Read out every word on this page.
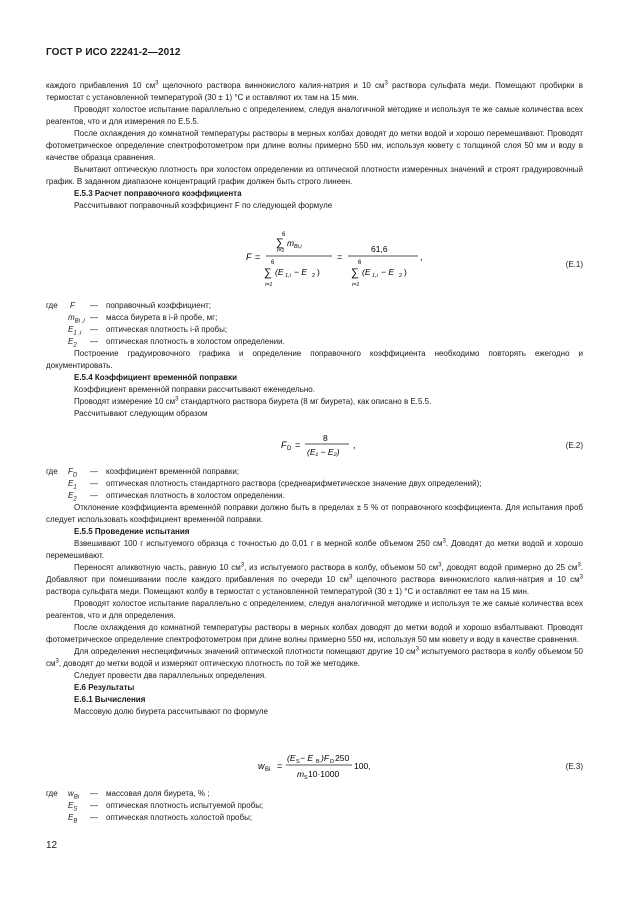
ГОСТ Р ИСО 22241-2—2012

каждого прибавления 10 $см^3$ щелочного раствора виннокислого калия-натрия и 10 $см^3$ раствора сульфата меди. Помещают пробирки в термостат с установленной температурой (30 ± 1) °С и оставляют их там на 15 мин.

Проводят холостое испытание параллельно с определением, следуя аналогичной методике и используя те же самые количества всех реагентов, что и для измерения по Е.5.5.

После охлаждения до комнатной температуры растворы в мерных колбах доводят до метки водой и хорошо перемешивают. Проводят фотометрическое определение спектрофотометром при длине волны примерно 550 нм, используя кювету с толщиной слоя 50 мм и воду в качестве образца сравнения.

Вычитают оптическую плотность при холостом определении из оптической плотности измеренных значений и строят градуировочный график. В заданном диапазоне концентраций график должен быть строго линеен.

Е.5.3 Расчет поправочного коэффициента

Рассчитывают поправочный коэффициент F по следующей формуле

F =
6
∑
i=1
m Bi,i
6
∑
i=1
(E 1,i − E 2 )
=
61,6
6
∑
i=1
(E 1,i − E 2 )
,
(Е.1)
где F — поправочный коэффициент;
$m_{Bi ,i}$ — масса биурета в i-й пробе, мг;
$E_{1 ,i}$ — оптическая плотность i-й пробы;
$E_2$ — оптическая плотность в холостом определении.

Построение градуировочного графика и определение поправочного коэффициента необходимо повторять ежегодно и документировать.

Е.5.4 Коэффициент временнóй поправки

Коэффициент временнóй поправки рассчитывают еженедельно.

Проводят измерение 10 $см^3$ стандартного раствора биурета (8 мг биурета), как описано в Е.5.5.

Рассчитывают следующим образом

F D =
8
(E₁ − E₂)
,	(Е.2)
где $F_D$ — коэффициент временнóй поправки;
$E_1$ — оптическая плотность стандартного раствора (среднеарифметическое значение двух определений);
$E_2$ — оптическая плотность в холостом определении.

Отклонение коэффициента временнóй поправки должно быть в пределах ± 5 % от поправочного коэффициента. Для испытания проб следует использовать коэффициент временнóй поправки.

Е.5.5 Проведение испытания

Взвешивают 100 г испытуемого образца с точностью до 0,01 г в мерной колбе объемом 250 $см^3$. Доводят до метки водой и хорошо перемешивают.

Переносят аликвотную часть, равную 10 $см^3$, из испытуемого раствора в колбу, объемом 50 $см^3$, доводят водой примерно до 25 $см^3$. Добавляют при помешивании после каждого прибавления по очереди 10 $см^3$ щелочного раствора виннокислого калия-натрия и 10 $см^3$ раствора сульфата меди. Помещают колбу в термостат с установленной температурой (30 ± 1) °С и оставляют ее там на 15 мин.

Проводят холостое испытание параллельно с определением, следуя аналогичной методике и используя те же самые количества всех реагентов, что и для определения.

После охлаждения до комнатной температуры растворы в мерных колбах доводят до метки водой и хорошо взбалтывают. Проводят фотометрическое определение спектрофотометром при длине волны примерно 550 нм, используя 50 мм кювету и воду в качестве сравнения.

Для определения неспецифичных значений оптической плотности помещают другие 10 $см^3$ испытуемого раствора в колбу объемом 50 $см^3$, доводят до метки водой и измеряют оптическую плотность по той же методике.

Следует провести два параллельных определения.

Е.6 Результаты

Е.6.1 Вычисления

Массовую долю биурета рассчитывают по формуле

w Bi =
(E S − E B )F D 250
m S 10·1000
100,	(Е.3)
где $w_{Bi}$ — массовая доля биурета, % ;
$E_S$ — оптическая плотность испытуемой пробы;
$E_B$ — оптическая плотность холостой пробы;
12
